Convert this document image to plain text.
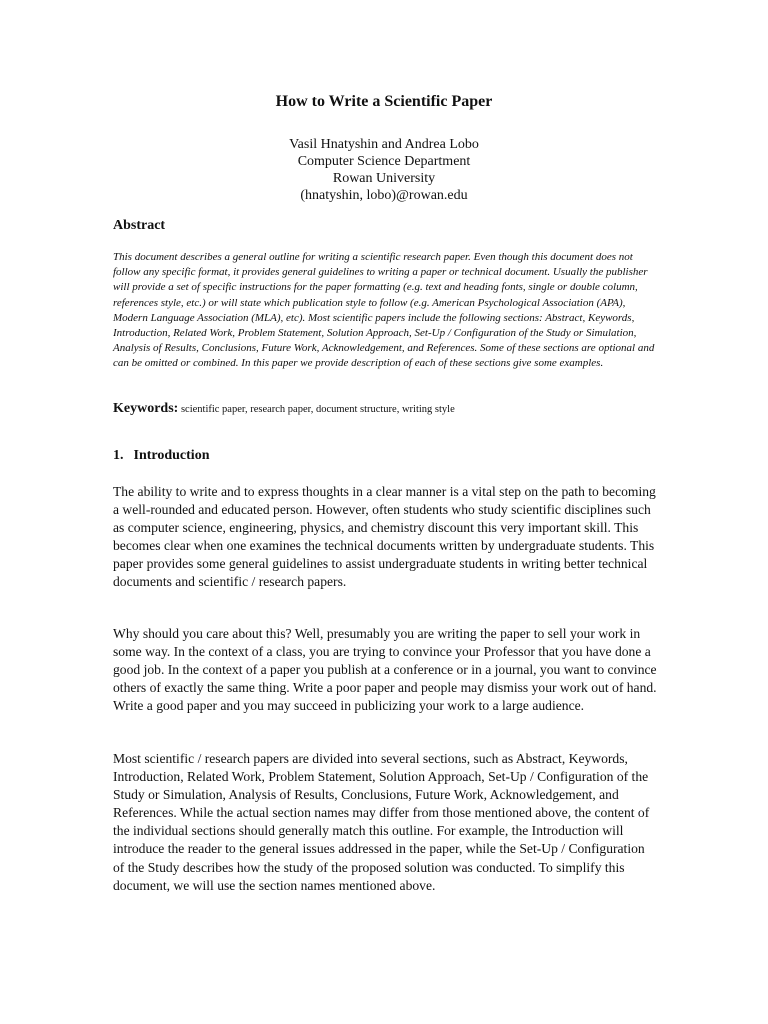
How to Write a Scientific Paper
Vasil Hnatyshin and Andrea Lobo
Computer Science Department
Rowan University
(hnatyshin, lobo)@rowan.edu
Abstract

This document describes a general outline for writing a scientific research paper. Even though this document does not follow any specific format, it provides general guidelines to writing a paper or technical document. Usually the publisher will provide a set of specific instructions for the paper formatting (e.g. text and heading fonts, single or double column, references style, etc.) or will state which publication style to follow (e.g. American Psychological Association (APA), Modern Language Association (MLA), etc). Most scientific papers include the following sections: Abstract, Keywords, Introduction, Related Work, Problem Statement, Solution Approach, Set-Up / Configuration of the Study or Simulation, Analysis of Results, Conclusions, Future Work, Acknowledgement, and References. Some of these sections are optional and can be omitted or combined. In this paper we provide description of each of these sections give some examples.

Keywords: scientific paper, research paper, document structure, writing style

1. Introduction

The ability to write and to express thoughts in a clear manner is a vital step on the path to becoming a well-rounded and educated person. However, often students who study scientific disciplines such as computer science, engineering, physics, and chemistry discount this very important skill. This becomes clear when one examines the technical documents written by undergraduate students. This paper provides some general guidelines to assist undergraduate students in writing better technical documents and scientific / research papers.

Why should you care about this? Well, presumably you are writing the paper to sell your work in some way. In the context of a class, you are trying to convince your Professor that you have done a good job. In the context of a paper you publish at a conference or in a journal, you want to convince others of exactly the same thing. Write a poor paper and people may dismiss your work out of hand. Write a good paper and you may succeed in publicizing your work to a large audience.

Most scientific / research papers are divided into several sections, such as Abstract, Keywords, Introduction, Related Work, Problem Statement, Solution Approach, Set-Up / Configuration of the Study or Simulation, Analysis of Results, Conclusions, Future Work, Acknowledgement, and References. While the actual section names may differ from those mentioned above, the content of the individual sections should generally match this outline. For example, the Introduction will introduce the reader to the general issues addressed in the paper, while the Set-Up / Configuration of the Study describes how the study of the proposed solution was conducted. To simplify this document, we will use the section names mentioned above.
